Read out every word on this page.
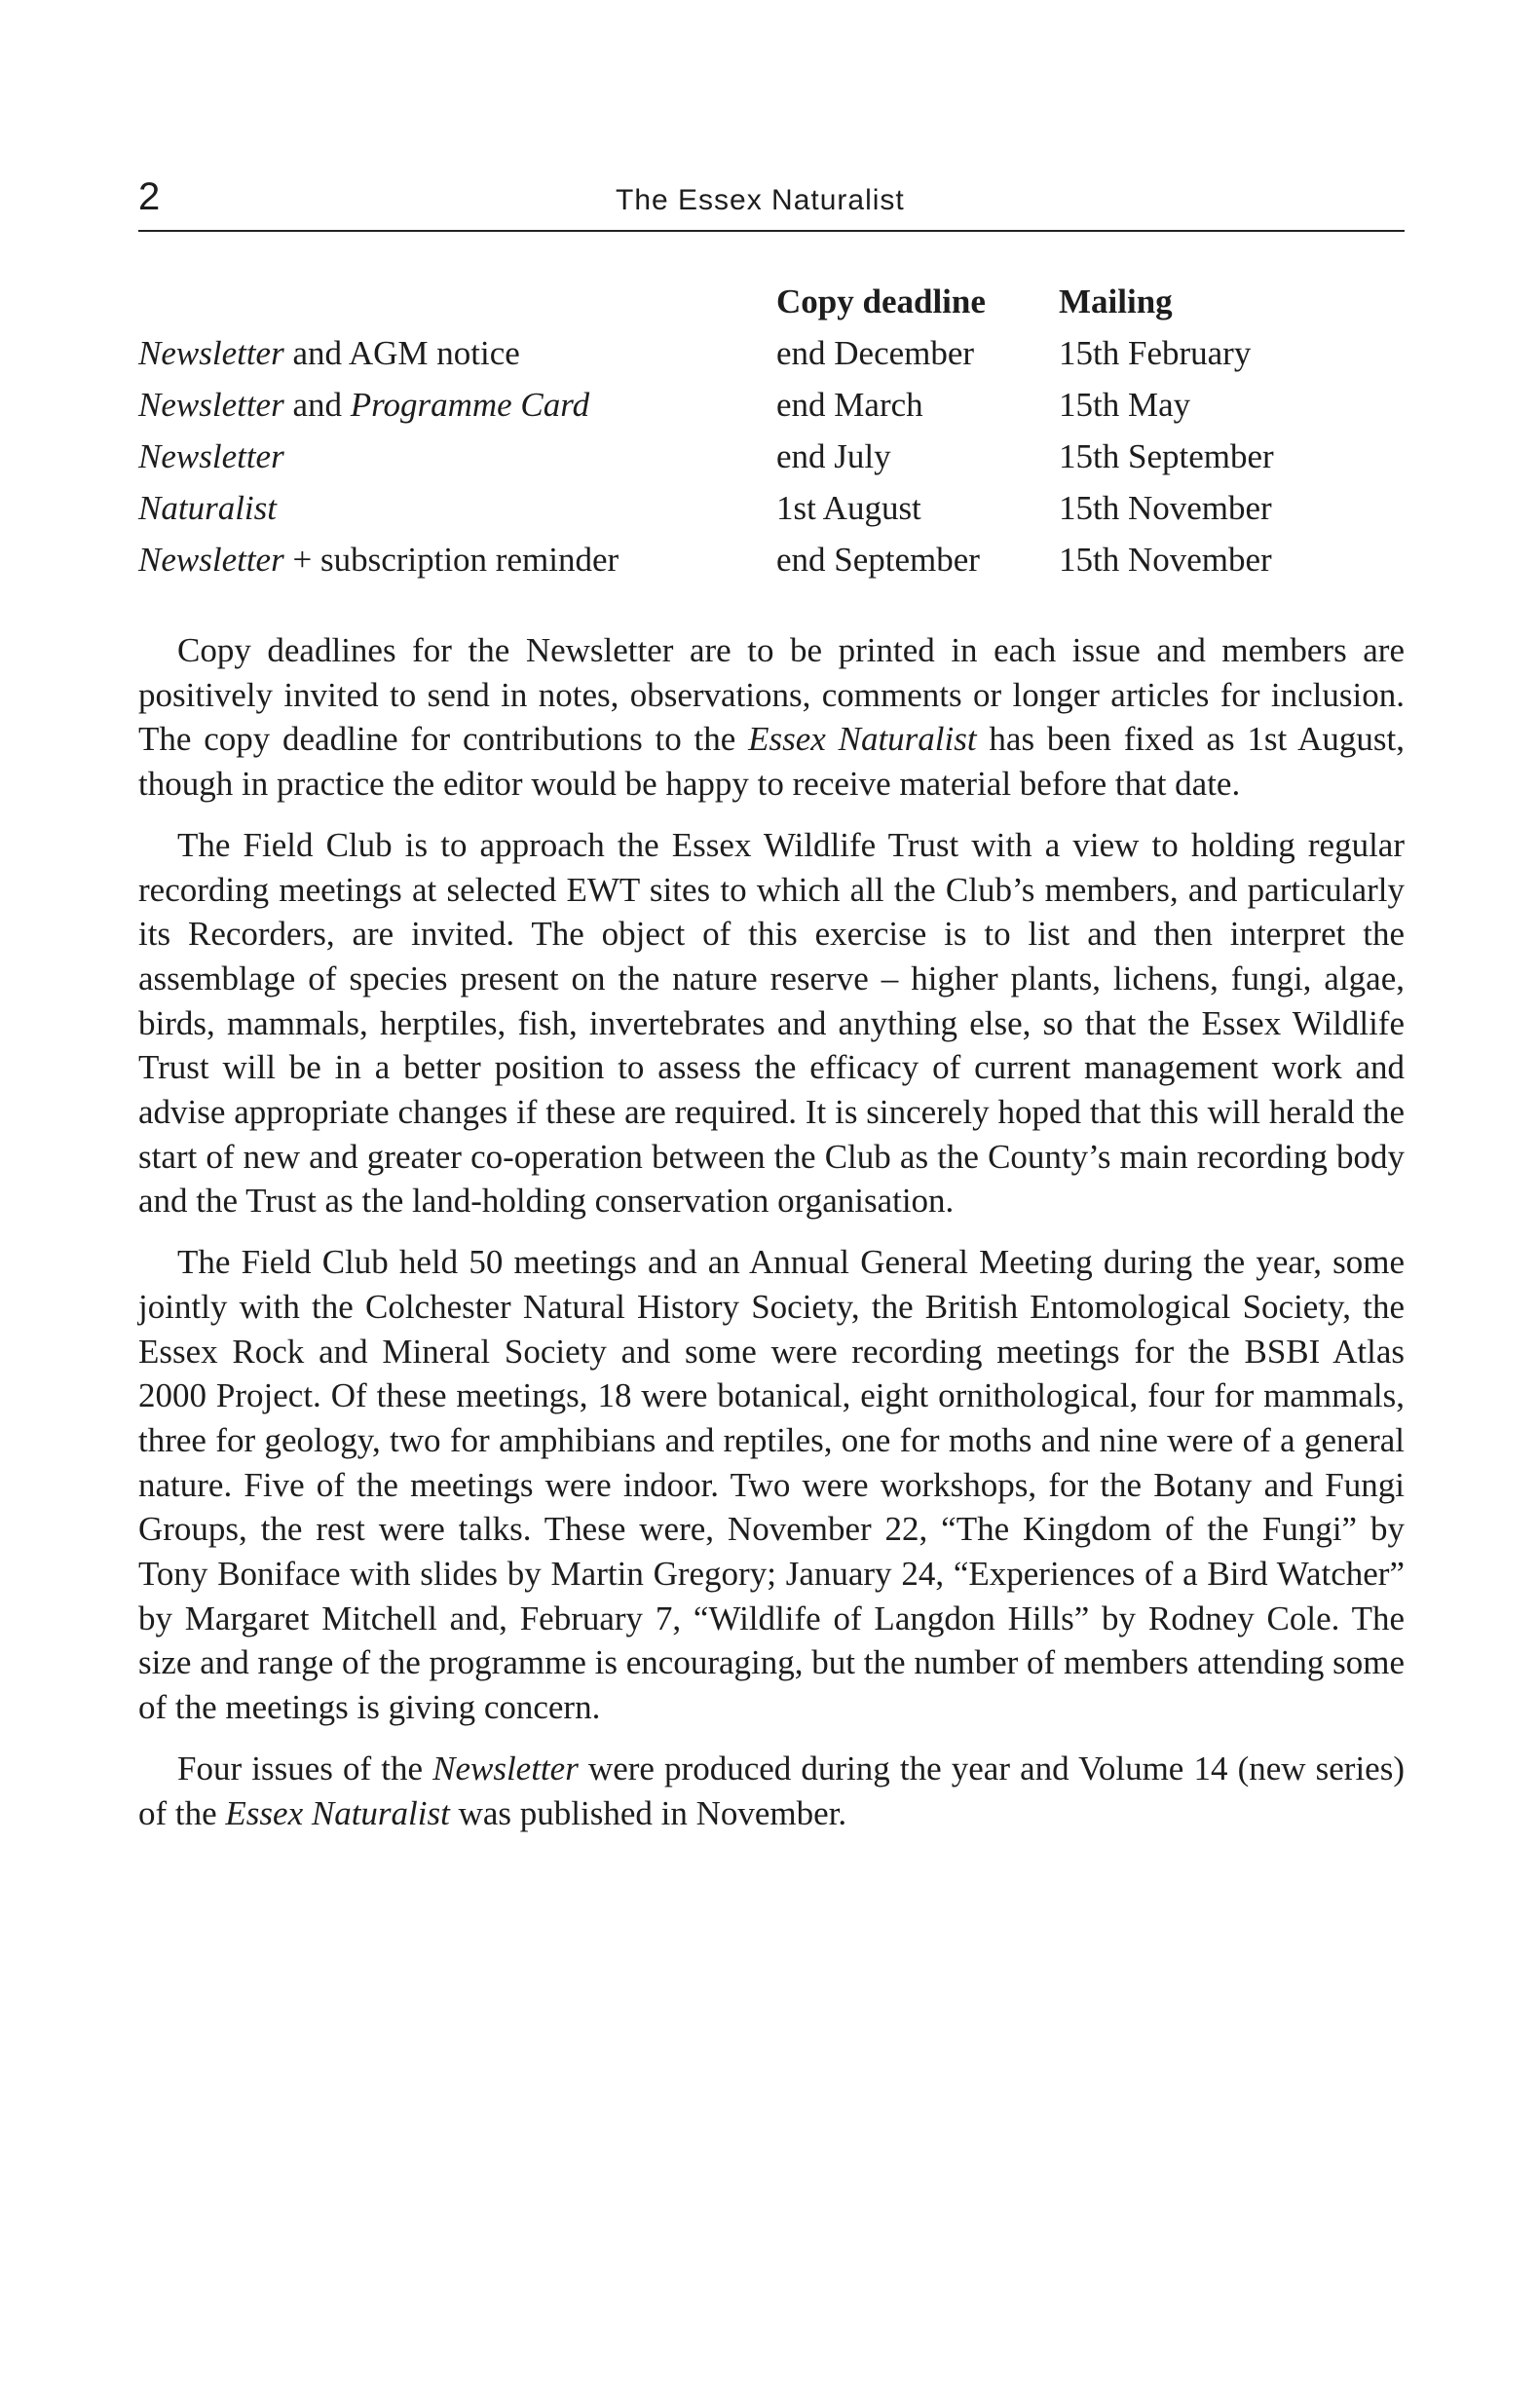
2	The Essex Naturalist
Copy deadline Mailing
Newsletter and AGM notice	end December 15th February
Newsletter and Programme Card	end March	15th May
Newsletter	end July	15th September
Naturalist	1st August	15th November
Newsletter + subscription reminder	end September 15th November

Copy deadlines for the Newsletter are to be printed in each issue and members are positively invited to send in notes, observations, comments or longer articles for inclusion. The copy deadline for contributions to the Essex Naturalist has been fixed as 1st August, though in practice the editor would be happy to receive material before that date.

The Field Club is to approach the Essex Wildlife Trust with a view to holding regular recording meetings at selected EWT sites to which all the Club’s members, and particularly its Recorders, are invited. The object of this exercise is to list and then interpret the assemblage of species present on the nature reserve – higher plants, lichens, fungi, algae, birds, mammals, herptiles, fish, invertebrates and anything else, so that the Essex Wildlife Trust will be in a better position to assess the efficacy of current management work and advise appropriate changes if these are required. It is sincerely hoped that this will herald the start of new and greater co-operation between the Club as the County’s main recording body and the Trust as the land-holding conservation organisation.

The Field Club held 50 meetings and an Annual General Meeting during the year, some jointly with the Colchester Natural History Society, the British Entomological Society, the Essex Rock and Mineral Society and some were recording meetings for the BSBI Atlas 2000 Project. Of these meetings, 18 were botanical, eight ornithological, four for mammals, three for geology, two for amphibians and reptiles, one for moths and nine were of a general nature. Five of the meetings were indoor. Two were workshops, for the Botany and Fungi Groups, the rest were talks. These were, November 22, “The Kingdom of the Fungi” by Tony Boniface with slides by Martin Gregory; January 24, “Experiences of a Bird Watcher” by Margaret Mitchell and, February 7, “Wildlife of Langdon Hills” by Rodney Cole. The size and range of the programme is encouraging, but the number of members attending some of the meetings is giving concern.

Four issues of the Newsletter were produced during the year and Volume 14 (new series) of the Essex Naturalist was published in November.
